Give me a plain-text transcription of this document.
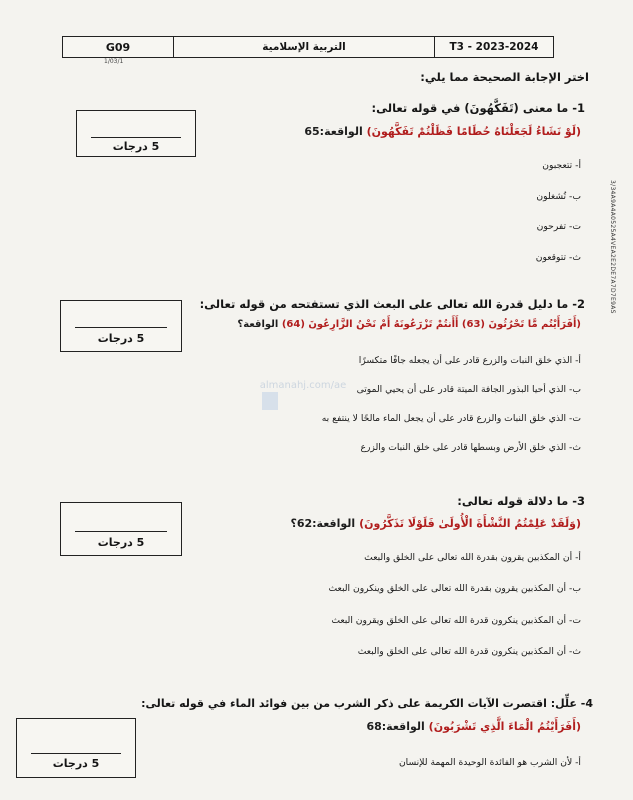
G09	التربية الإسلامية	T3 - 2023-2024
1/03/1
3/34A9A4A0525A4VEA2E2DE7A7D7E9AS
اختر الإجابة الصحيحة مما يلي:
5 درجات
1- ما معنى (تَفَكَّهُونَ) في قوله تعالى:
(لَوْ نَشَاءُ لَجَعَلْنَاهُ حُطَامًا فَظَلْتُمْ تَفَكَّهُونَ) الواقعة:65
أ- تتعجبون
ب- تُشغلون
ت- تفرحون
ث- تتوقعون
5 درجات
2- ما دليل قدرة الله تعالى على البعث الذي تستفتحه من قوله تعالى:
(أَفَرَأَيْتُم مَّا تَحْرُثُونَ (63) أَأَنتُمْ تَزْرَعُونَهُ أَمْ نَحْنُ الزَّارِعُونَ (64) الواقعة؟
أ- الذي خلق النبات والزرع قادر على أن يجعله جافًا متكسرًا
ب- الذي أحيا البذور الجافة الميتة قادر على أن يحيي الموتى
ت- الذي خلق النبات والزرع قادر على أن يجعل الماء مالحًا لا ينتفع به
ث- الذي خلق الأرض وبسطها قادر على خلق النبات والزرع
almanahj.com/ae
5 درجات
3- ما دلالة قوله تعالى:
(وَلَقَدْ عَلِمْتُمُ النَّشْأَةَ الْأُولَىٰ فَلَوْلَا تَذَكَّرُونَ) الواقعة:62؟
أ- أن المكذبين يقرون بقدرة الله تعالى على الخلق والبعث
ب- أن المكذبين يقرون بقدرة الله تعالى على الخلق وينكرون البعث
ت- أن المكذبين ينكرون قدرة الله تعالى على الخلق ويقرون البعث
ث- أن المكذبين ينكرون قدرة الله تعالى على الخلق والبعث
5 درجات
4- علِّل: اقتصرت الآيات الكريمة على ذكر الشرب من بين فوائد الماء في قوله تعالى:
(أَفَرَأَيْتُمُ الْمَاءَ الَّذِي تَشْرَبُونَ) الواقعة:68
أ- لأن الشرب هو الفائدة الوحيدة المهمة للإنسان
